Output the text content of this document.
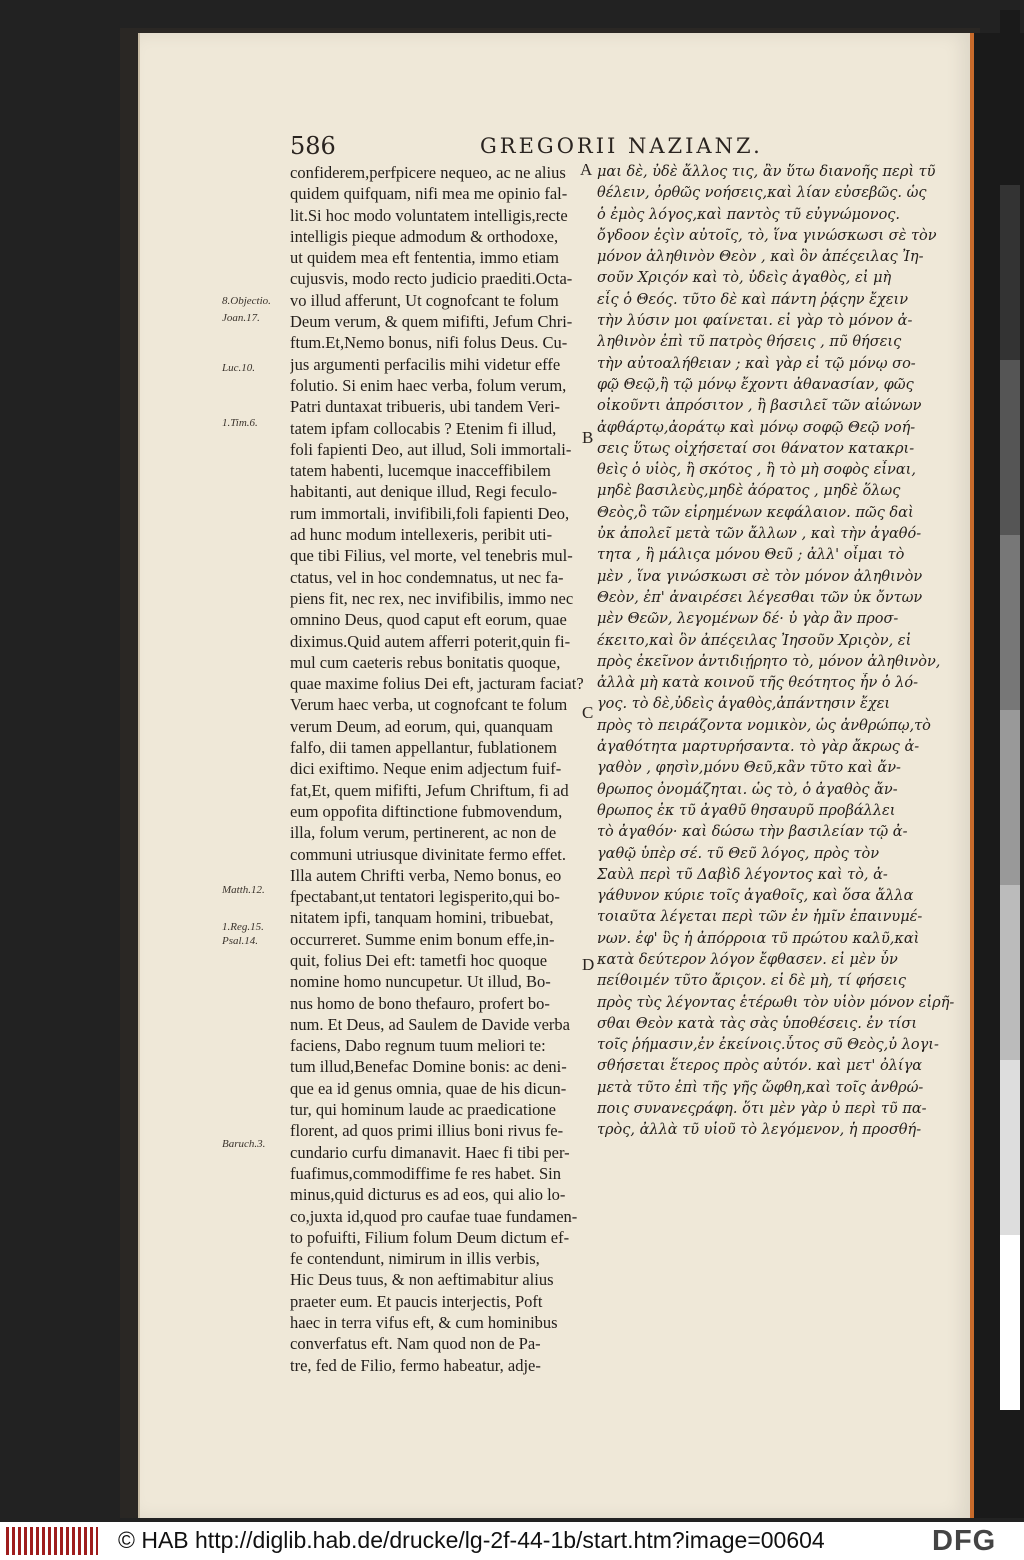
586	GREGORII NAZIANZ.
confiderem,perfpicere nequeo, ac ne alius
quidem quifquam, nifi mea me opinio fal-
lit.Si hoc modo voluntatem intelligis,recte
intelligis pieque admodum & orthodoxe,
ut quidem mea eft fententia, immo etiam
cujusvis, modo recto judicio praediti.Octa-
vo illud afferunt, Ut cognofcant te folum
Deum verum, & quem mififti, Jefum Chri-
ftum.Et,Nemo bonus, nifi folus Deus. Cu-
jus argumenti perfacilis mihi videtur effe
folutio. Si enim haec verba, folum verum,
Patri duntaxat tribueris, ubi tandem Veri-
tatem ipfam collocabis ? Etenim fi illud,
foli fapienti Deo, aut illud, Soli immortali-
tatem habenti, lucemque inacceffibilem
habitanti, aut denique illud, Regi feculo-
rum immortali, invifibili,foli fapienti Deo,
ad hunc modum intellexeris, peribit uti-
que tibi Filius, vel morte, vel tenebris mul-
ctatus, vel in hoc condemnatus, ut nec fa-
piens fit, nec rex, nec invifibilis, immo nec
omnino Deus, quod caput eft eorum, quae
diximus.Quid autem afferri poterit,quin fi-
mul cum caeteris rebus bonitatis quoque,
quae maxime folius Dei eft, jacturam faciat?
Verum haec verba, ut cognofcant te folum
verum Deum, ad eorum, qui, quanquam
falfo, dii tamen appellantur, fublationem
dici exiftimo. Neque enim adjectum fuif-
fat,Et, quem mififti, Jefum Chriftum, fi ad
eum oppofita diftinctione fubmovendum,
illa, folum verum, pertinerent, ac non de
communi utriusque divinitate fermo effet.
Illa autem Chrifti verba, Nemo bonus, eo
fpectabant,ut tentatori legisperito,qui bo-
nitatem ipfi, tanquam homini, tribuebat,
occurreret. Summe enim bonum effe,in-
quit, folius Dei eft: tametfi hoc quoque
nomine homo nuncupetur. Ut illud, Bo-
nus homo de bono thefauro, profert bo-
num. Et Deus, ad Saulem de Davide verba
faciens, Dabo regnum tuum meliori te:
tum illud,Benefac Domine bonis: ac deni-
que ea id genus omnia, quae de his dicun-
tur, qui hominum laude ac praedicatione
florent, ad quos primi illius boni rivus fe-
cundario curfu dimanavit. Haec fi tibi per-
fuafimus,commodiffime fe res habet. Sin
minus,quid dicturus es ad eos, qui alio lo-
co,juxta id,quod pro caufae tuae fundamen-
to pofuifti, Filium folum Deum dictum ef-
fe contendunt, nimirum in illis verbis,
Hic Deus tuus, & non aeftimabitur alius
praeter eum. Et paucis interjectis, Poft
haec in terra vifus eft, & cum hominibus
converfatus eft. Nam quod non de Pa-
tre, fed de Filio, fermo habeatur, adje-
μαι δὲ, ὐδὲ ἄλλος τις, ἂν ὕτω διανοῆς περὶ τῦ
θέλειν, ὀρθῶς νοήσεις,καὶ λίαν εὐσεβῶς. ὡς
ὁ ἐμὸς λόγος,καὶ παντὸς τῦ εὐγνώμονος.
ὄγδοον ἐςὶν αὐτοῖς, τὸ, ἵνα γινώσκωσι σὲ τὸν
μόνον ἀληθινὸν Θεὸν , καὶ ὃν ἀπέςειλας Ἰη-
σοῦν Χριςόν καὶ τὸ, ὐδεὶς ἀγαθὸς, εἰ μὴ
εἷς ὁ Θεός. τῦτο δὲ καὶ πάντη ῥᾴςην ἔχειν
τὴν λύσιν μοι φαίνεται. εἰ γὰρ τὸ μόνον ἀ-
ληθινὸν ἐπὶ τῦ πατρὸς θήσεις , πῦ θήσεις
τὴν αὐτοαλήθειαν ; καὶ γὰρ εἰ τῷ μόνῳ σο-
φῷ Θεῷ,ἢ τῷ μόνῳ ἔχοντι ἀθανασίαν, φῶς
οἰκοῦντι ἀπρόσιτον , ἢ βασιλεῖ τῶν αἰώνων
ἀφθάρτῳ,ἀοράτῳ καὶ μόνῳ σοφῷ Θεῷ νοή-
σεις ὕτως οἰχήσεταί σοι θάνατον κατακρι-
θεὶς ὁ υἱὸς, ἢ σκότος , ἢ τὸ μὴ σοφὸς εἶναι,
μηδὲ βασιλεὺς,μηδὲ ἀόρατος , μηδὲ ὅλως
Θεὸς,ὃ τῶν εἰρημένων κεφάλαιον. πῶς δαὶ
ὐκ ἀπολεῖ μετὰ τῶν ἄλλων , καὶ τὴν ἀγαθό-
τητα , ἣ μάλιςα μόνου Θεῦ ; ἀλλ' οἶμαι τὸ
μὲν , ἵνα γινώσκωσι σὲ τὸν μόνον ἀληθινὸν
Θεὸν, ἐπ' ἀναιρέσει λέγεσθαι τῶν ὐκ ὄντων
μὲν Θεῶν, λεγομένων δέ· ὐ γὰρ ἂν προσ-
έκειτο,καὶ ὃν ἀπέςειλας Ἰησοῦν Χριςὸν, εἰ
πρὸς ἐκεῖνον ἀντιδιῄρητο τὸ, μόνον ἀληθινὸν,
ἀλλὰ μὴ κατὰ κοινοῦ τῆς θεότητος ἦν ὁ λό-
γος. τὸ δὲ,ὐδεὶς ἀγαθὸς,ἀπάντησιν ἔχει
πρὸς τὸ πειράζοντα νομικὸν, ὡς ἀνθρώπῳ,τὸ
ἀγαθότητα μαρτυρήσαντα. τὸ γὰρ ἄκρως ἀ-
γαθὸν , φησὶν,μόνυ Θεῦ,κἂν τῦτο καὶ ἄν-
θρωπος ὀνομάζηται. ὡς τὸ, ὁ ἀγαθὸς ἄν-
θρωπος ἐκ τῦ ἀγαθῦ θησαυρῦ προβάλλει
τὸ ἀγαθόν· καὶ δώσω τὴν βασιλείαν τῷ ἀ-
γαθῷ ὑπὲρ σέ. τῦ Θεῦ λόγος, πρὸς τὸν
Σαὺλ περὶ τῦ Δαβὶδ λέγοντος καὶ τὸ, ἀ-
γάθυνον κύριε τοῖς ἀγαθοῖς, καὶ ὅσα ἄλλα
τοιαῦτα λέγεται περὶ τῶν ἐν ἡμῖν ἐπαινυμέ-
νων. ἐφ' ὓς ἡ ἀπόρροια τῦ πρώτου καλῦ,καὶ
κατὰ δεύτερον λόγον ἔφθασεν. εἰ μὲν ὖν
πείθοιμέν τῦτο ἄριςον. εἰ δὲ μὴ, τί φήσεις
πρὸς τὺς λέγοντας ἑτέρωθι τὸν υἱὸν μόνον εἰρῆ-
σθαι Θεὸν κατὰ τὰς σὰς ὑποθέσεις. ἐν τίσι
τοῖς ῥήμασιν,ἐν ἐκείνοις.ὗτος σῦ Θεὸς,ὐ λογι-
σθήσεται ἕτερος πρὸς αὐτόν. καὶ μετ' ὀλίγα
μετὰ τῦτο ἐπὶ τῆς γῆς ὤφθη,καὶ τοῖς ἀνθρώ-
ποις συνανεςράφη. ὅτι μὲν γὰρ ὐ περὶ τῦ πα-
τρὸς, ἀλλὰ τῦ υἱοῦ τὸ λεγόμενον, ἡ προσθή-
A
B
C
D
8.Objectio.
Joan.17.
Luc.10.
1.Tim.6.
Matth.12.
1.Reg.15.
Psal.14.
Baruch.3.
© HAB http://diglib.hab.de/drucke/lg-2f-44-1b/start.htm?image=00604	DFG
